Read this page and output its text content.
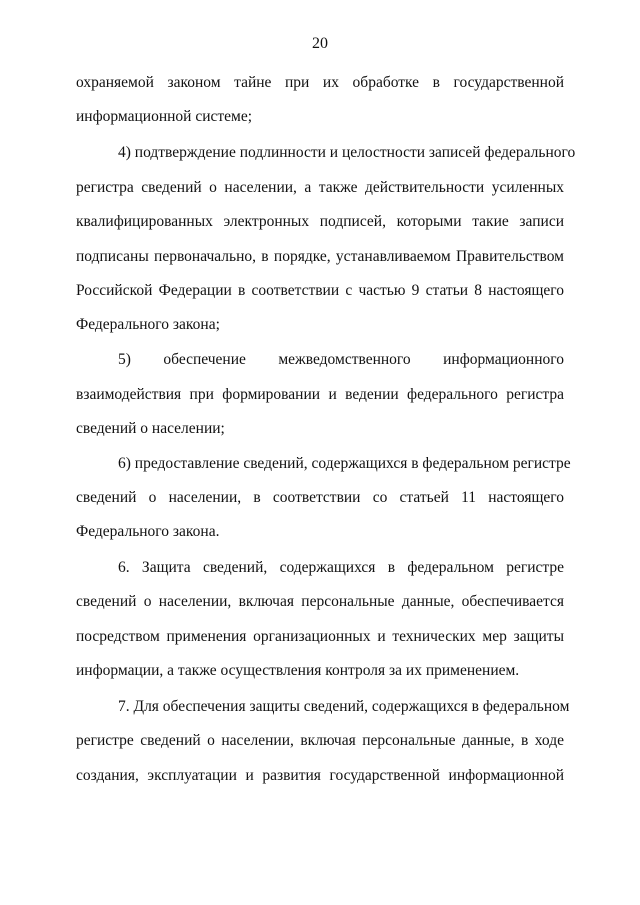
20
охраняемой законом тайне при их обработке в государственной
информационной системе;
4) подтверждение подлинности и целостности записей федерального
регистра сведений о населении, а также действительности усиленных
квалифицированных электронных подписей, которыми такие записи
подписаны первоначально, в порядке, устанавливаемом Правительством
Российской Федерации в соответствии с частью 9 статьи 8 настоящего
Федерального закона;
5) обеспечение межведомственного информационного
взаимодействия при формировании и ведении федерального регистра
сведений о населении;
6) предоставление сведений, содержащихся в федеральном регистре
сведений о населении, в соответствии со статьей 11 настоящего
Федерального закона.
6. Защита сведений, содержащихся в федеральном регистре
сведений о населении, включая персональные данные, обеспечивается
посредством применения организационных и технических мер защиты
информации, а также осуществления контроля за их применением.
7. Для обеспечения защиты сведений, содержащихся в федеральном
регистре сведений о населении, включая персональные данные, в ходе
создания, эксплуатации и развития государственной информационной
